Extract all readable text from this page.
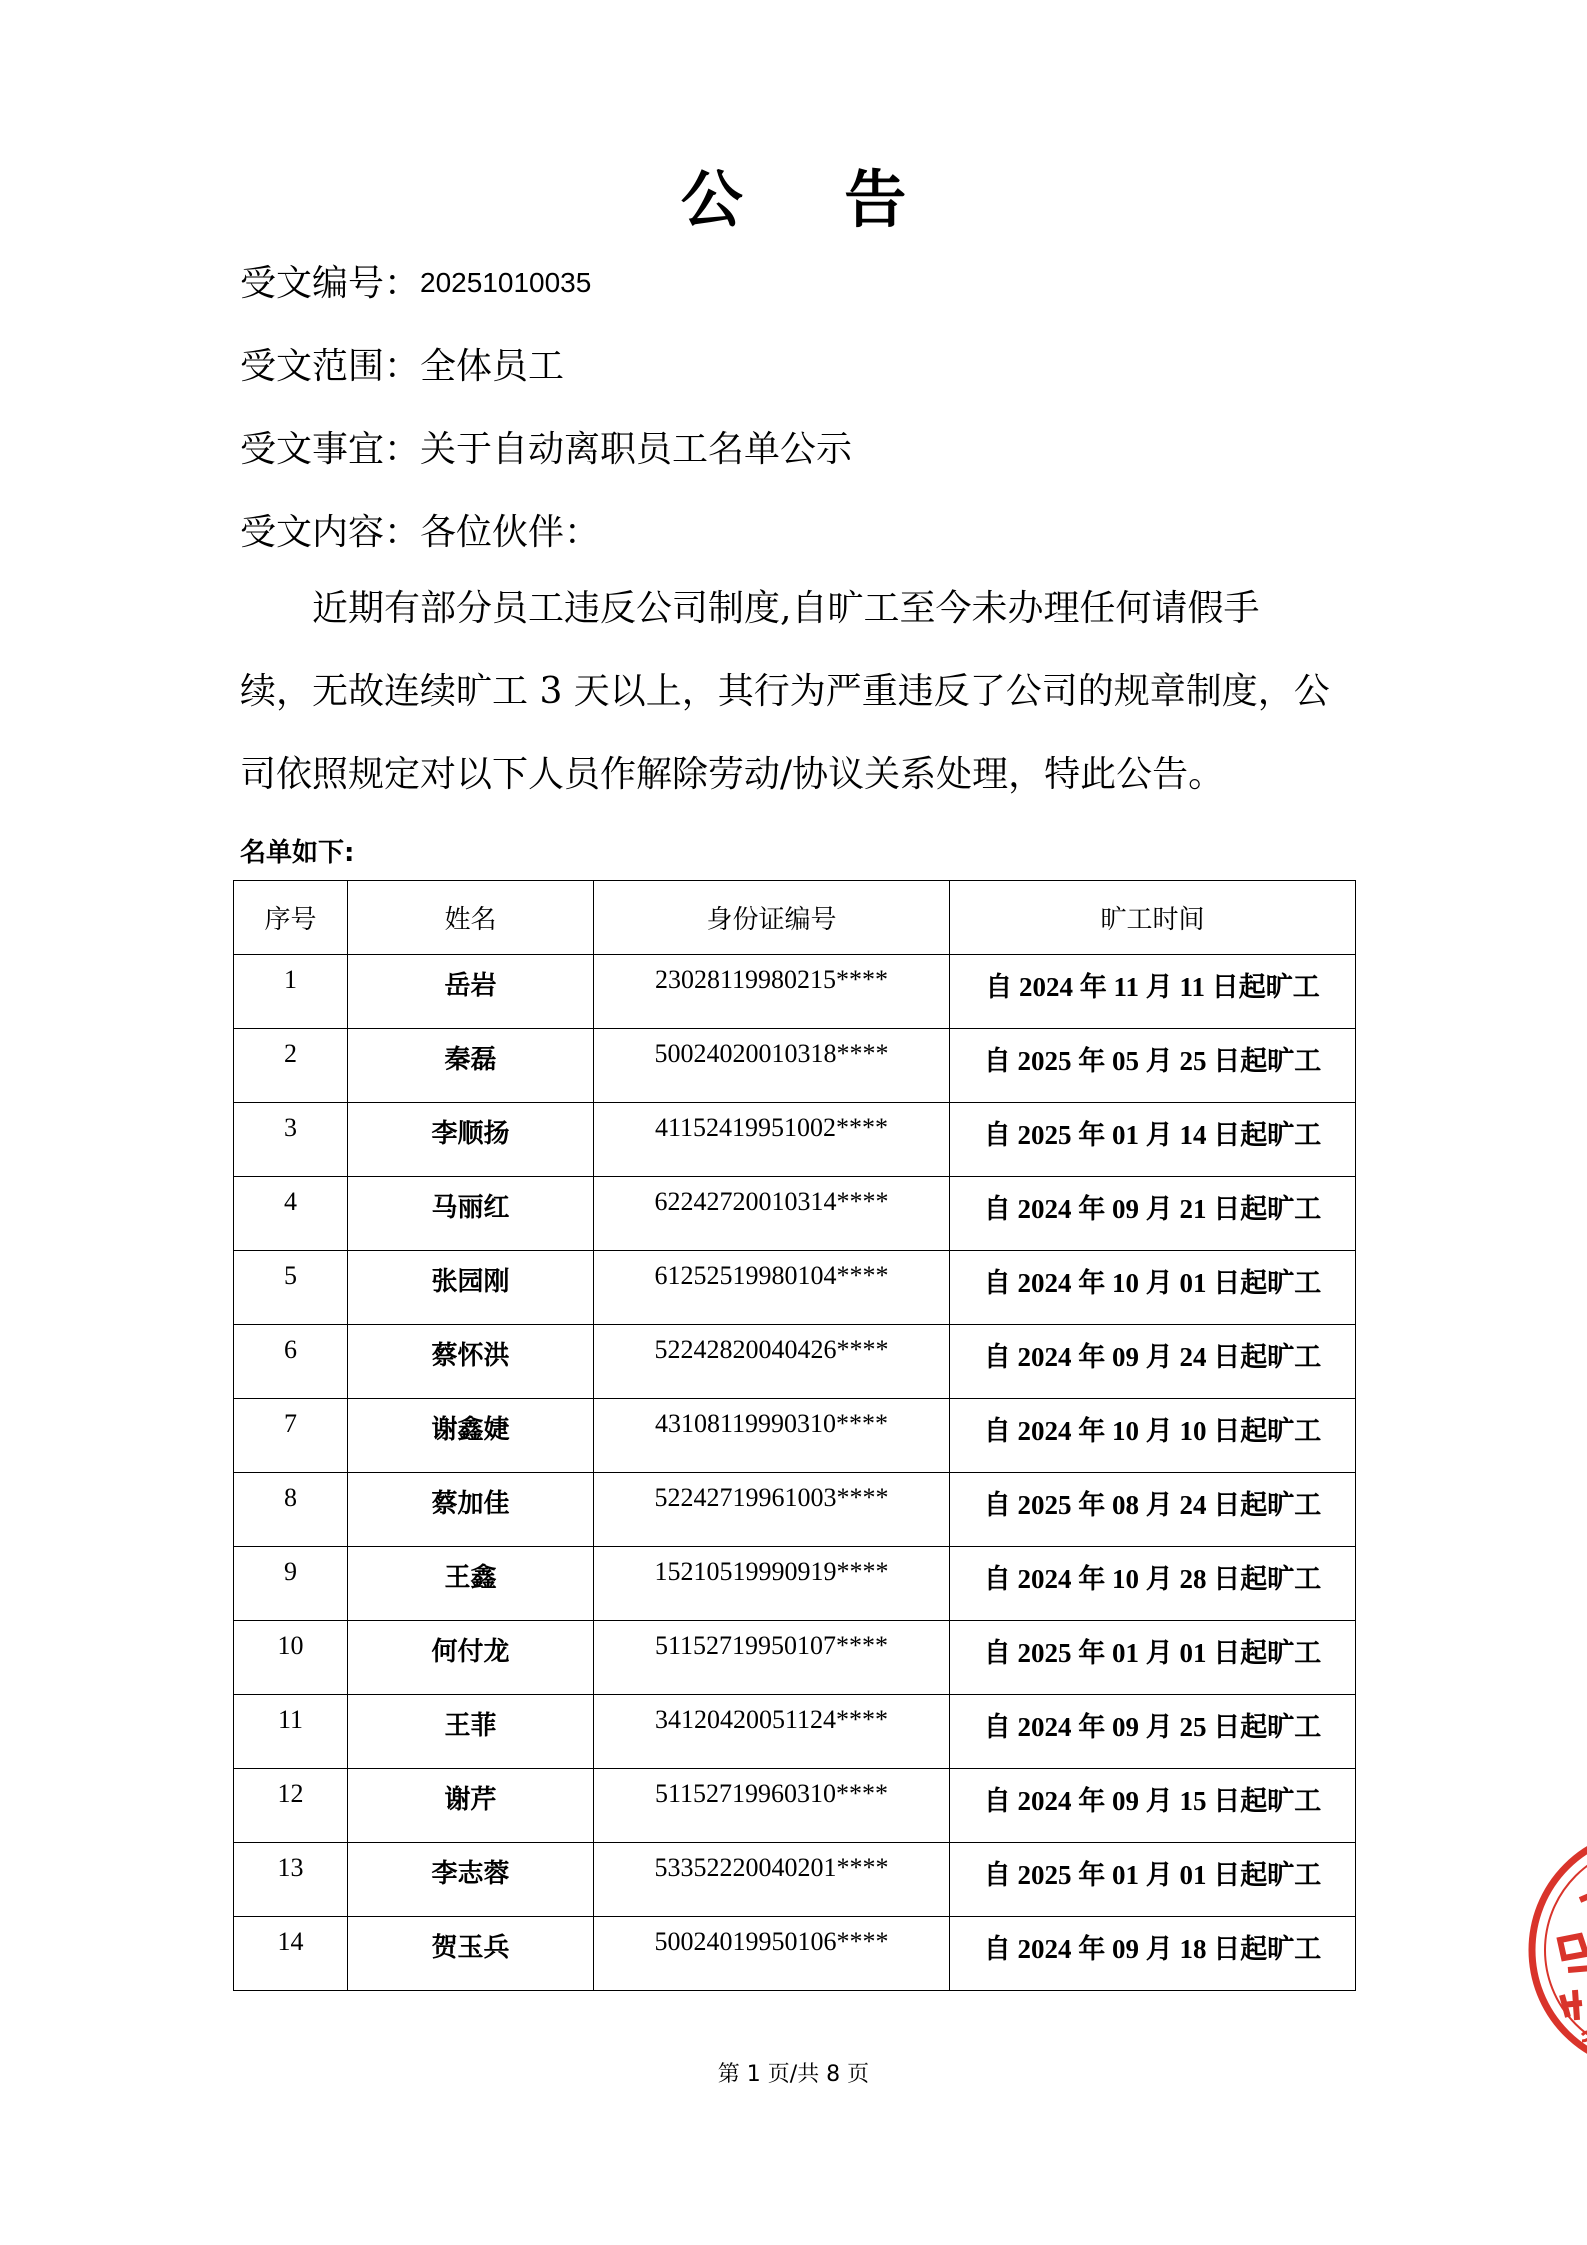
公 告
受文编号：20251010035
受文范围：全体员工
受文事宜：关于自动离职员工名单公示
受文内容：各位伙伴：
近期有部分员工违反公司制度,自旷工至今未办理任何请假手
续，无故连续旷工 3 天以上，其行为严重违反了公司的规章制度，公
司依照规定对以下人员作解除劳动/协议关系处理，特此公告。
名单如下:
序号	姓名	身份证编号	旷工时间
1	岳岩	23028119980215****	自 2024 年 11 月 11 日起旷工
2	秦磊	50024020010318****	自 2025 年 05 月 25 日起旷工
3	李顺扬	41152419951002****	自 2025 年 01 月 14 日起旷工
4	马丽红	62242720010314****	自 2024 年 09 月 21 日起旷工
5	张园刚	61252519980104****	自 2024 年 10 月 01 日起旷工
6	蔡怀洪	52242820040426****	自 2024 年 09 月 24 日起旷工
7	谢鑫婕	43108119990310****	自 2024 年 10 月 10 日起旷工
8	蔡加佳	52242719961003****	自 2025 年 08 月 24 日起旷工
9	王鑫	15210519990919****	自 2024 年 10 月 28 日起旷工
10	何付龙	51152719950107****	自 2025 年 01 月 01 日起旷工
11	王菲	34120420051124****	自 2024 年 09 月 25 日起旷工
12	谢芹	51152719960310****	自 2024 年 09 月 15 日起旷工
13	李志蓉	53352220040201****	自 2025 年 01 月 01 日起旷工
14	贺玉兵	50024019950106****	自 2024 年 09 月 18 日起旷工
第 1 页/共 8 页
